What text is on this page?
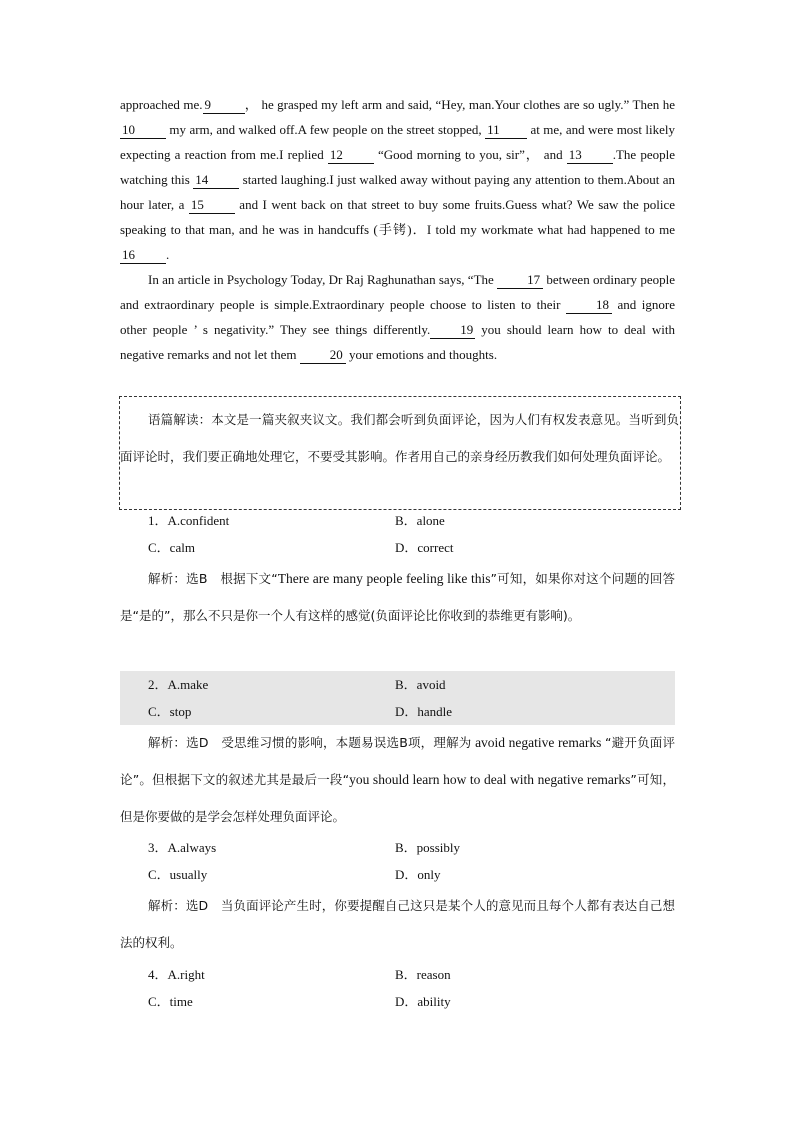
approached me. 9	， he grasped my left arm and said, “Hey, man.Your clothes are so ugly.” Then he 10 my arm, and walked off.A few people on the street stopped, 11 at me, and were most likely expecting a reaction from me.I replied 12 “Good morning to you, sir”， and 13 .The people watching this 14 started laughing.I just walked away without paying any attention to them.About an hour later, a 15 and I went back on that street to buy some fruits.Guess what? We saw the police speaking to that man, and he was in handcuffs (手铐)．I told my workmate what had happened to me 16 .

In an article in Psychology Today, Dr Raj Raghunathan says, “The 17 between ordinary people and extraordinary people is simple.Extraordinary people choose to listen to their 18 and ignore other people ’ s negativity.” They see things differently. 19 you should learn how to deal with negative remarks and not let them 20 your emotions and thoughts.

语篇解读：本文是一篇夹叙夹议文。我们都会听到负面评论，因为人们有权发表意见。当听到负面评论时，我们要正确地处理它，不要受其影响。作者用自己的亲身经历教我们如何处理负面评论。

1．A.confident	B．alone
C．calm	D．correct

解析：选B　根据下文“There are many people feeling like this”可知，如果你对这个问题的回答是“是的”，那么不只是你一个人有这样的感觉(负面评论比你收到的恭维更有影响)。

2．A.make	B．avoid
C．stop	D．handle

解析：选D　受思维习惯的影响，本题易误选B项，理解为 avoid negative remarks “避开负面评论”。但根据下文的叙述尤其是最后一段“you should learn how to deal with negative remarks”可知，但是你要做的是学会怎样处理负面评论。

3．A.always	B．possibly
C．usually	D．only

解析：选D　当负面评论产生时，你要提醒自己这只是某个人的意见而且每个人都有表达自己想法的权利。

4．A.right	B．reason
C．time	D．ability
